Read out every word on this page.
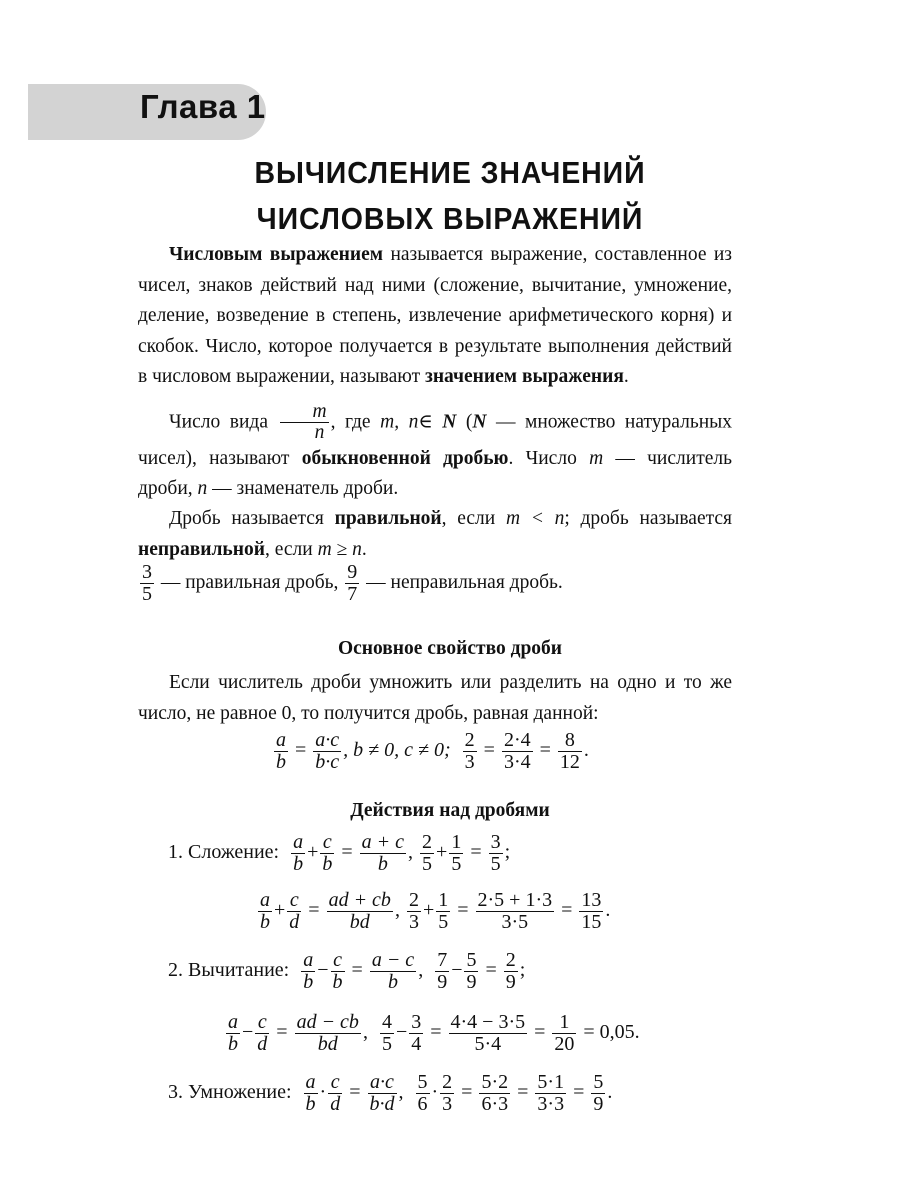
Глава 1
ВЫЧИСЛЕНИЕ ЗНАЧЕНИЙ
ЧИСЛОВЫХ ВЫРАЖЕНИЙ
Числовым выражением называется выражение, составленное из чисел, знаков действий над ними (сложение, вычитание, умножение, деление, возведение в степень, извлечение арифметического корня) и скобок. Число, которое получается в результате выполнения действий в числовом выражении, называют значением выражения.
Число вида $\frac{m}{n}$ , где m, n∈ N (N — множество натуральных чисел), называют обыкновенной дробью. Число m — числитель дроби, n — знаменатель дроби.
Дробь называется правильной, если m < n; дробь называется неправильной, если m ≥ n.
$\frac{3}{5}$ — правильная дробь, $\frac{9}{7}$ — неправильная дробь.
Основное свойство дроби
Если числитель дроби умножить или разделить на одно и то же число, не равное 0, то получится дробь, равная данной:
$\frac{a}{b} = \frac{a\cdot c}{b\cdot c}$ , b ≠ 0, c ≠ 0; $\frac{2}{3} = \frac{2\cdot 4}{3\cdot 4} = \frac{8}{12}$ .
Действия над дробями
1. Сложение: $\frac{a}{b} + \frac{c}{b} = \frac{a + c}{b}$ , $\frac{2}{5} + \frac{1}{5} = \frac{3}{5}$ ;
$\frac{a}{b} + \frac{c}{d} = \frac{ad + cb}{bd}$ , $\frac{2}{3} + \frac{1}{5} = \frac{2\cdot 5 + 1\cdot 3}{3\cdot 5} = \frac{13}{15}$ .
2. Вычитание: $\frac{a}{b} - \frac{c}{b} = \frac{a - c}{b}$ , $\frac{7}{9} - \frac{5}{9} = \frac{2}{9}$ ;
$\frac{a}{b} - \frac{c}{d} = \frac{ad - cb}{bd}$ , $\frac{4}{5} - \frac{3}{4} = \frac{4\cdot 4 - 3\cdot 5}{5\cdot 4} = \frac{1}{20} = 0,05$.
3. Умножение: $\frac{a}{b} \cdot \frac{c}{d} = \frac{a\cdot c}{b\cdot d}$ , $\frac{5}{6} \cdot \frac{2}{3} = \frac{5\cdot 2}{6\cdot 3} = \frac{5\cdot 1}{3\cdot 3} = \frac{5}{9}$ .
